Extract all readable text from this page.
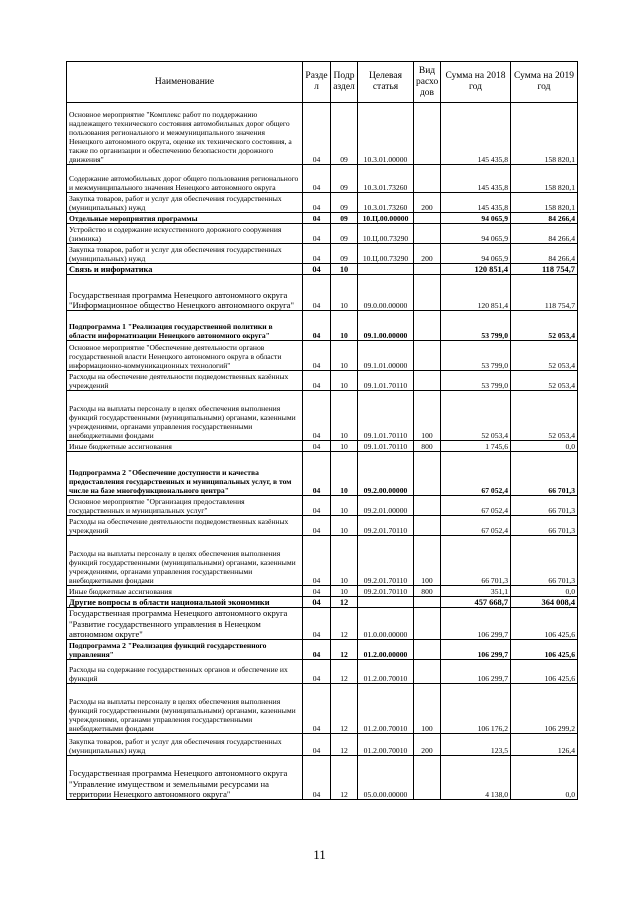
Наименование	Разде л	Подр аздел	Целевая статья	Вид расхо дов	Сумма на 2018 год	Сумма на 2019 год
Основное мероприятие "Комплекс работ по поддержанию надлежащего технического состояния автомобильных дорог общего пользования регионального и межмуниципального значения Ненецкого автономного округа, оценке их технического состояния, а также по организации и обеспечению безопасности дорожного движения"	04	09	10.3.01.00000		145 435,8	158 820,1
Содержание автомобильных дорог общего пользования регионального и межмуниципального значения Ненецкого автономного округа	04	09	10.3.01.73260		145 435,8	158 820,1
Закупка товаров, работ и услуг для обеспечения государственных (муниципальных) нужд	04	09	10.3.01.73260	200	145 435,8	158 820,1
Отдельные мероприятия программы	04	09	10.Ц.00.00000		94 065,9	84 266,4
Устройство и содержание искусственного дорожного сооружения (зимника)	04	09	10.Ц.00.73290		94 065,9	84 266,4
Закупка товаров, работ и услуг для обеспечения государственных (муниципальных) нужд	04	09	10.Ц.00.73290	200	94 065,9	84 266,4
Связь и информатика	04	10			120 851,4	118 754,7
Государственная программа Ненецкого автономного округа "Информационное общество Ненецкого автономного округа"	04	10	09.0.00.00000		120 851,4	118 754,7
Подпрограмма 1 "Реализация государственной политики в области информатизации Ненецкого автономного округа"	04	10	09.1.00.00000		53 799,0	52 053,4
Основное мероприятие "Обеспечение деятельности органов государственной власти Ненецкого автономного округа в области информационно-коммуникационных технологий"	04	10	09.1.01.00000		53 799,0	52 053,4
Расходы на обеспечение деятельности подведомственных казённых учреждений	04	10	09.1.01.70110		53 799,0	52 053,4
Расходы на выплаты персоналу в целях обеспечения выполнения функций государственными (муниципальными) органами, казенными учреждениями, органами управления государственными внебюджетными фондами	04	10	09.1.01.70110	100	52 053,4	52 053,4
Иные бюджетные ассигнования	04	10	09.1.01.70110	800	1 745,6	0,0
Подпрограмма 2 "Обеспечение доступности и качества предоставления государственных и муниципальных услуг, в том числе на базе многофункционального центра"	04	10	09.2.00.00000		67 052,4	66 701,3
Основное мероприятие "Организация предоставления государственных и муниципальных услуг"	04	10	09.2.01.00000		67 052,4	66 701,3
Расходы на обеспечение деятельности подведомственных казённых учреждений	04	10	09.2.01.70110		67 052,4	66 701,3
Расходы на выплаты персоналу в целях обеспечения выполнения функций государственными (муниципальными) органами, казенными учреждениями, органами управления государственными внебюджетными фондами	04	10	09.2.01.70110	100	66 701,3	66 701,3
Иные бюджетные ассигнования	04	10	09.2.01.70110	800	351,1	0,0
Другие вопросы в области национальной экономики	04	12			457 668,7	364 008,4
Государственная программа Ненецкого автономного округа "Развитие государственного управления в Ненецком автономном округе"	04	12	01.0.00.00000		106 299,7	106 425,6
Подпрограмма 2 "Реализация функций государственного управления"	04	12	01.2.00.00000		106 299,7	106 425,6
Расходы на содержание государственных органов и обеспечение их функций	04	12	01.2.00.70010		106 299,7	106 425,6
Расходы на выплаты персоналу в целях обеспечения выполнения функций государственными (муниципальными) органами, казенными учреждениями, органами управления государственными внебюджетными фондами	04	12	01.2.00.70010	100	106 176,2	106 299,2
Закупка товаров, работ и услуг для обеспечения государственных (муниципальных) нужд	04	12	01.2.00.70010	200	123,5	126,4
Государственная программа Ненецкого автономного округа "Управление имуществом и земельными ресурсами на территории Ненецкого автономного округа"	04	12	05.0.00.00000		4 138,0	0,0
11
